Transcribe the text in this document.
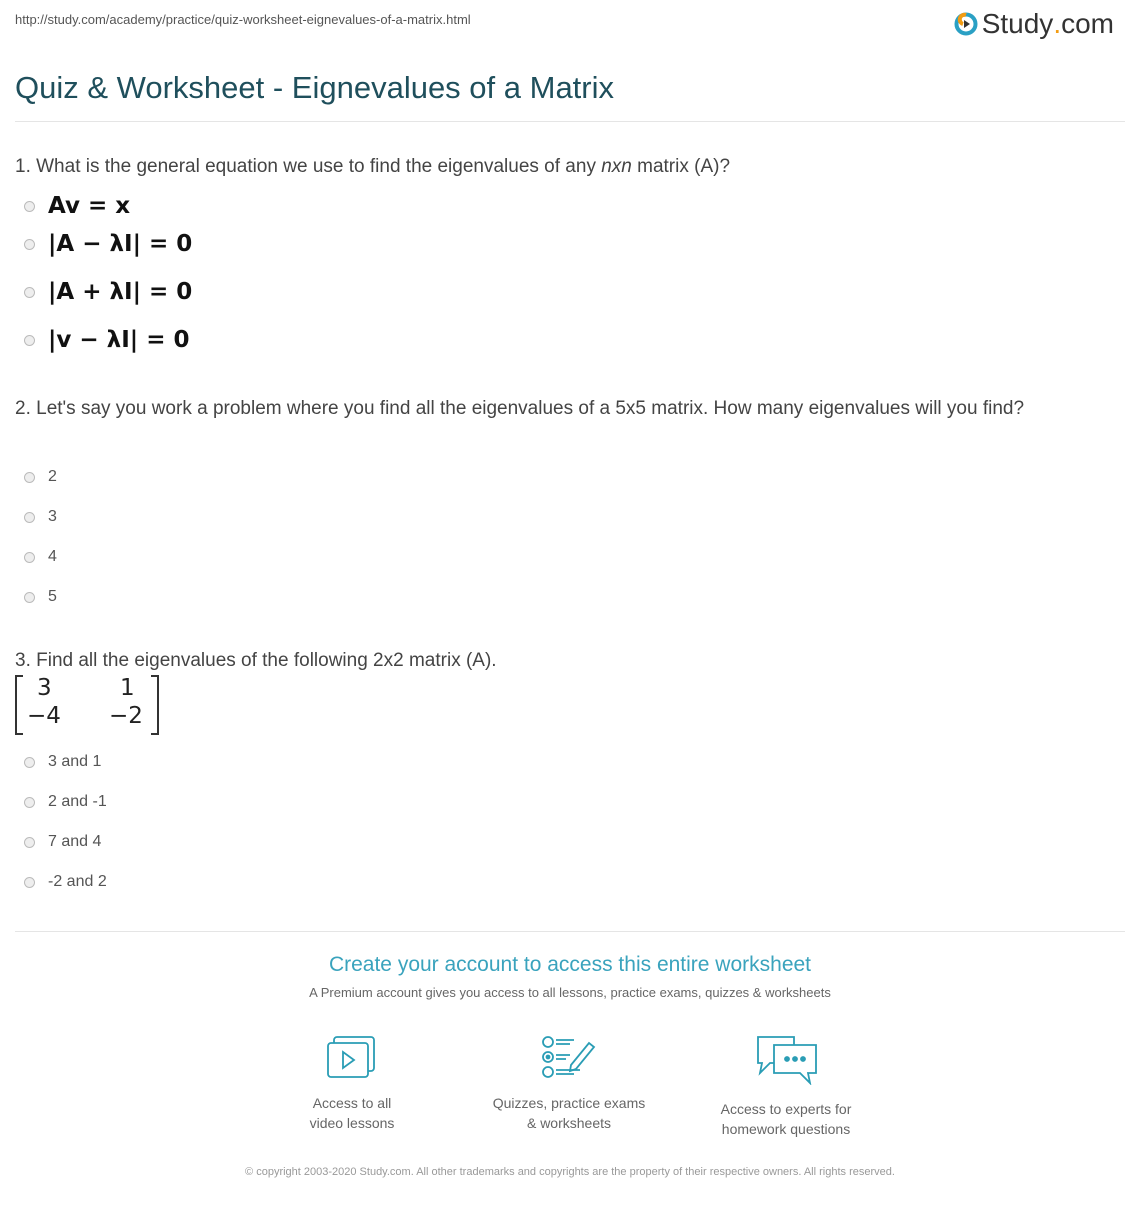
http://study.com/academy/practice/quiz-worksheet-eignevalues-of-a-matrix.html	Study . com
Quiz & Worksheet - Eignevalues of a Matrix
1. What is the general equation we use to find the eigenvalues of any nxn matrix (A)?
Av = x
|A − λI| = 0
|A + λI| = 0
|v − λI| = 0
2. Let's say you work a problem where you find all the eigenvalues of a 5x5 matrix. How many eigenvalues will you find?
2
3
4
5
3. Find all the eigenvalues of the following 2x2 matrix (A).
3	1
−4 −2
3 and 1
2 and -1
7 and 4
-2 and 2
Create your account to access this entire worksheet
A Premium account gives you access to all lessons, practice exams, quizzes & worksheets
Access to all
video lessons
Quizzes, practice exams
& worksheets
Access to experts for
homework questions
© copyright 2003-2020 Study.com. All other trademarks and copyrights are the property of their respective owners. All rights reserved.
